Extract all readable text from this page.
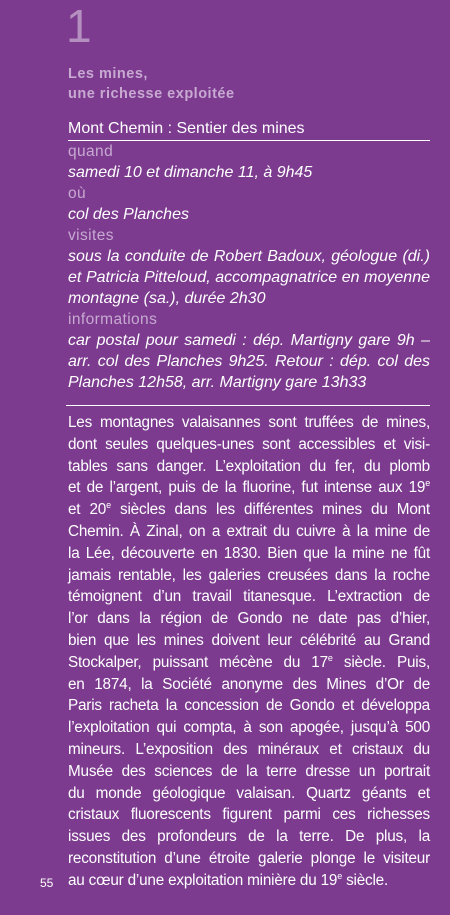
1
Les mines,
une richesse exploitée
Mont Chemin : Sentier des mines
quand
samedi 10 et dimanche 11, à 9h45
où
col des Planches
visites
sous la conduite de Robert Badoux, géologue (di.) et Patricia Pitteloud, accompagnatrice en moyenne montagne (sa.), durée 2h30
informations
car postal pour samedi : dép. Martigny gare 9h – arr. col des Planches 9h25. Retour : dép. col des Planches 12h58, arr. Martigny gare 13h33
Les montagnes valaisannes sont truffées de mines,
dont seules quelques-unes sont accessibles et visi-
tables sans danger. L’exploitation du fer, du plomb
et de l’argent, puis de la fluorine, fut intense aux 19e
et 20e siècles dans les différentes mines du Mont
Chemin. À Zinal, on a extrait du cuivre à la mine de
la Lée, découverte en 1830. Bien que la mine ne fût
jamais rentable, les galeries creusées dans la roche
témoignent d’un travail titanesque. L’extraction de
l’or dans la région de Gondo ne date pas d’hier,
bien que les mines doivent leur célébrité au Grand
Stockalper, puissant mécène du 17e siècle. Puis,
en 1874, la Société anonyme des Mines d’Or de
Paris racheta la concession de Gondo et développa
l’exploitation qui compta, à son apogée, jusqu’à 500
mineurs. L’exposition des minéraux et cristaux du
Musée des sciences de la terre dresse un portrait
du monde géologique valaisan. Quartz géants et
cristaux fluorescents figurent parmi ces richesses
issues des profondeurs de la terre. De plus, la
reconstitution d’une étroite galerie plonge le visiteur
au cœur d’une exploitation minière du 19e siècle.
55
